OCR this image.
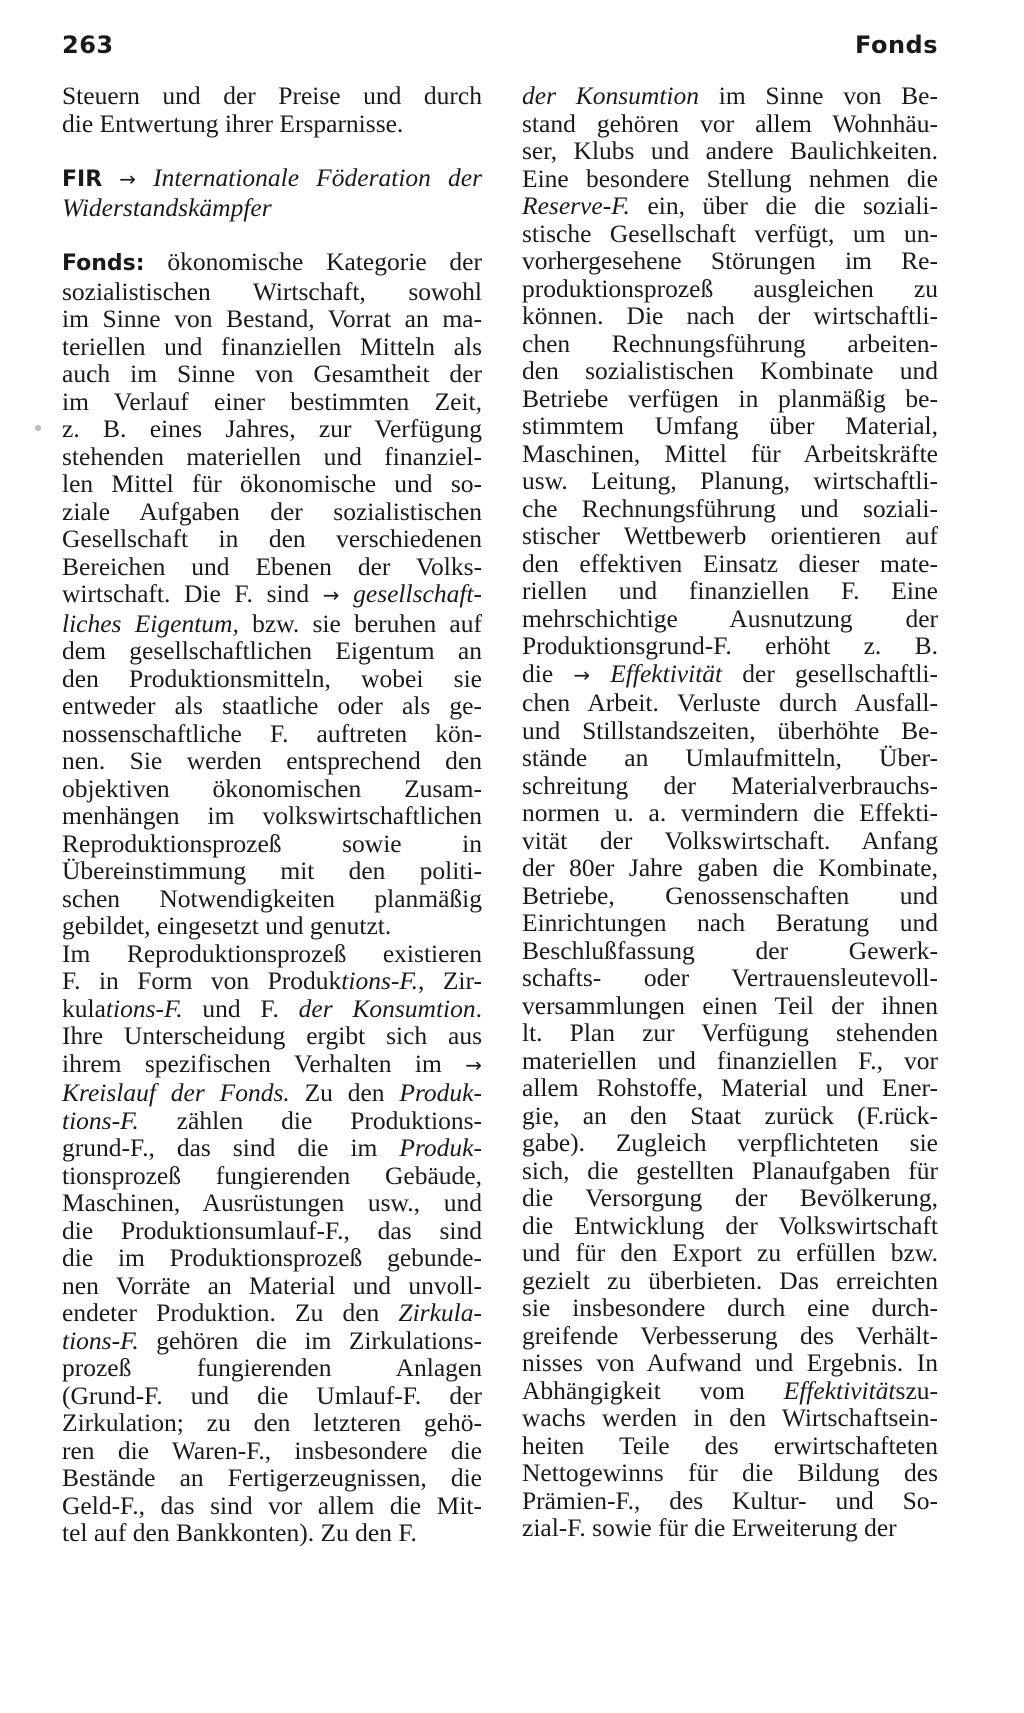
263	Fonds
Steuern und der Preise und durch
die Entwertung ihrer Ersparnisse.
FIR → Internationale Föderation der
Widerstandskämpfer
Fonds: ökonomische Kategorie der
sozialistischen Wirtschaft, sowohl
im Sinne von Bestand, Vorrat an ma-
teriellen und finanziellen Mitteln als
auch im Sinne von Gesamtheit der
im Verlauf einer bestimmten Zeit,
z. B. eines Jahres, zur Verfügung
stehenden materiellen und finanziel-
len Mittel für ökonomische und so-
ziale Aufgaben der sozialistischen
Gesellschaft in den verschiedenen
Bereichen und Ebenen der Volks-
wirtschaft. Die F. sind → gesellschaft-
liches Eigentum, bzw. sie beruhen auf
dem gesellschaftlichen Eigentum an
den Produktionsmitteln, wobei sie
entweder als staatliche oder als ge-
nossenschaftliche F. auftreten kön-
nen. Sie werden entsprechend den
objektiven ökonomischen Zusam-
menhängen im volkswirtschaftlichen
Reproduktionsprozeß sowie in
Übereinstimmung mit den politi-
schen Notwendigkeiten planmäßig
gebildet, eingesetzt und genutzt.
Im Reproduktionsprozeß existieren
F. in Form von Produktions-F., Zir-
kulations-F. und F. der Konsumtion.
Ihre Unterscheidung ergibt sich aus
ihrem spezifischen Verhalten im →
Kreislauf der Fonds. Zu den Produk-
tions-F. zählen die Produktions-
grund-F., das sind die im Produk-
tionsprozeß fungierenden Gebäude,
Maschinen, Ausrüstungen usw., und
die Produktionsumlauf-F., das sind
die im Produktionsprozeß gebunde-
nen Vorräte an Material und unvoll-
endeter Produktion. Zu den Zirkula-
tions-F. gehören die im Zirkulations-
prozeß fungierenden Anlagen
(Grund-F. und die Umlauf-F. der
Zirkulation; zu den letzteren gehö-
ren die Waren-F., insbesondere die
Bestände an Fertigerzeugnissen, die
Geld-F., das sind vor allem die Mit-
tel auf den Bankkonten). Zu den F.
der Konsumtion im Sinne von Be-
stand gehören vor allem Wohnhäu-
ser, Klubs und andere Baulichkeiten.
Eine besondere Stellung nehmen die
Reserve-F. ein, über die die soziali-
stische Gesellschaft verfügt, um un-
vorhergesehene Störungen im Re-
produktionsprozeß ausgleichen zu
können. Die nach der wirtschaftli-
chen Rechnungsführung arbeiten-
den sozialistischen Kombinate und
Betriebe verfügen in planmäßig be-
stimmtem Umfang über Material,
Maschinen, Mittel für Arbeitskräfte
usw. Leitung, Planung, wirtschaftli-
che Rechnungsführung und soziali-
stischer Wettbewerb orientieren auf
den effektiven Einsatz dieser mate-
riellen und finanziellen F. Eine
mehrschichtige Ausnutzung der
Produktionsgrund-F. erhöht z. B.
die → Effektivität der gesellschaftli-
chen Arbeit. Verluste durch Ausfall-
und Stillstandszeiten, überhöhte Be-
stände an Umlaufmitteln, Über-
schreitung der Materialverbrauchs-
normen u. a. vermindern die Effekti-
vität der Volkswirtschaft. Anfang
der 80er Jahre gaben die Kombinate,
Betriebe, Genossenschaften und
Einrichtungen nach Beratung und
Beschlußfassung der Gewerk-
schafts- oder Vertrauensleutevoll-
versammlungen einen Teil der ihnen
lt. Plan zur Verfügung stehenden
materiellen und finanziellen F., vor
allem Rohstoffe, Material und Ener-
gie, an den Staat zurück (F.rück-
gabe). Zugleich verpflichteten sie
sich, die gestellten Planaufgaben für
die Versorgung der Bevölkerung,
die Entwicklung der Volkswirtschaft
und für den Export zu erfüllen bzw.
gezielt zu überbieten. Das erreichten
sie insbesondere durch eine durch-
greifende Verbesserung des Verhält-
nisses von Aufwand und Ergebnis. In
Abhängigkeit vom Effektivitätszu-
wachs werden in den Wirtschaftsein-
heiten Teile des erwirtschafteten
Nettogewinns für die Bildung des
Prämien-F., des Kultur- und So-
zial-F. sowie für die Erweiterung der
